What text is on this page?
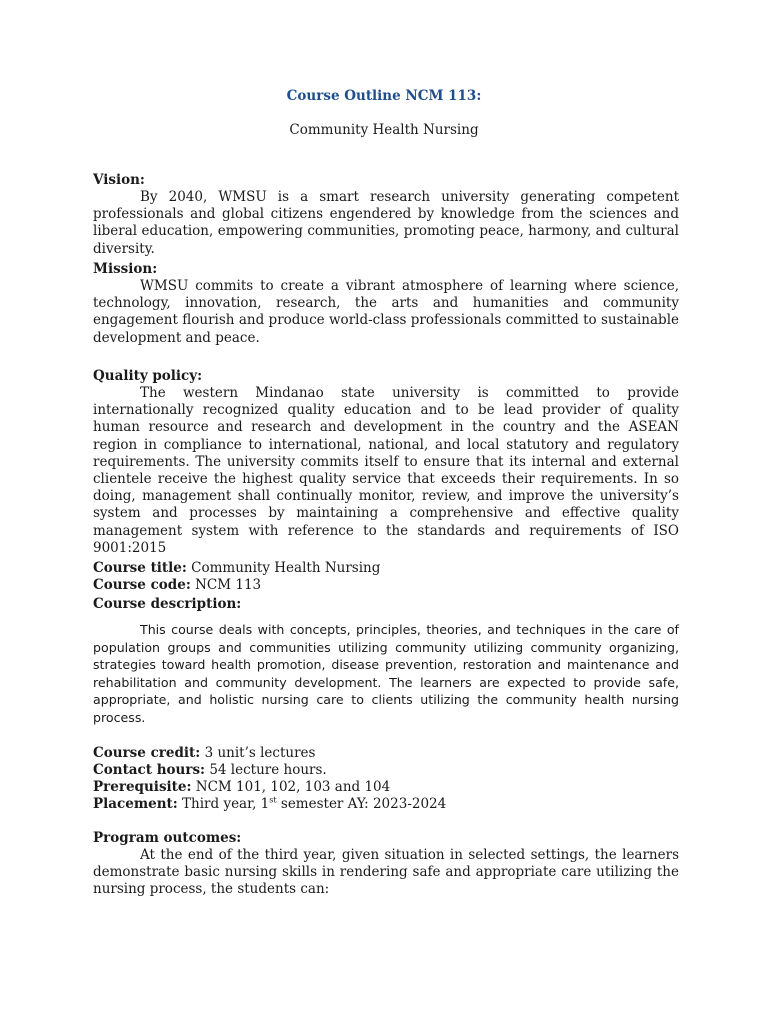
Course Outline NCM 113:
Community Health Nursing
Vision:

By 2040, WMSU is a smart research university generating competent professionals and global citizens engendered by knowledge from the sciences and liberal education, empowering communities, promoting peace, harmony, and cultural diversity.

Mission:

WMSU commits to create a vibrant atmosphere of learning where science, technology, innovation, research, the arts and humanities and community engagement flourish and produce world-class professionals committed to sustainable development and peace.

Quality policy:

The western Mindanao state university is committed to provide internationally recognized quality education and to be lead provider of quality human resource and research and development in the country and the ASEAN region in compliance to international, national, and local statutory and regulatory requirements. The university commits itself to ensure that its internal and external clientele receive the highest quality service that exceeds their requirements. In so doing, management shall continually monitor, review, and improve the university’s system and processes by maintaining a comprehensive and effective quality management system with reference to the standards and requirements of ISO 9001:2015

Course title: Community Health Nursing
Course code: NCM 113
Course description:

This course deals with concepts, principles, theories, and techniques in the care of population groups and communities utilizing community utilizing community organizing, strategies toward health promotion, disease prevention, restoration and maintenance and rehabilitation and community development. The learners are expected to provide safe, appropriate, and holistic nursing care to clients utilizing the community health nursing process.

Course credit: 3 unit’s lectures
Contact hours: 54 lecture hours.
Prerequisite: NCM 101, 102, 103 and 104
Placement: Third year, 1st semester AY: 2023-2024
Program outcomes:

At the end of the third year, given situation in selected settings, the learners demonstrate basic nursing skills in rendering safe and appropriate care utilizing the nursing process, the students can:
